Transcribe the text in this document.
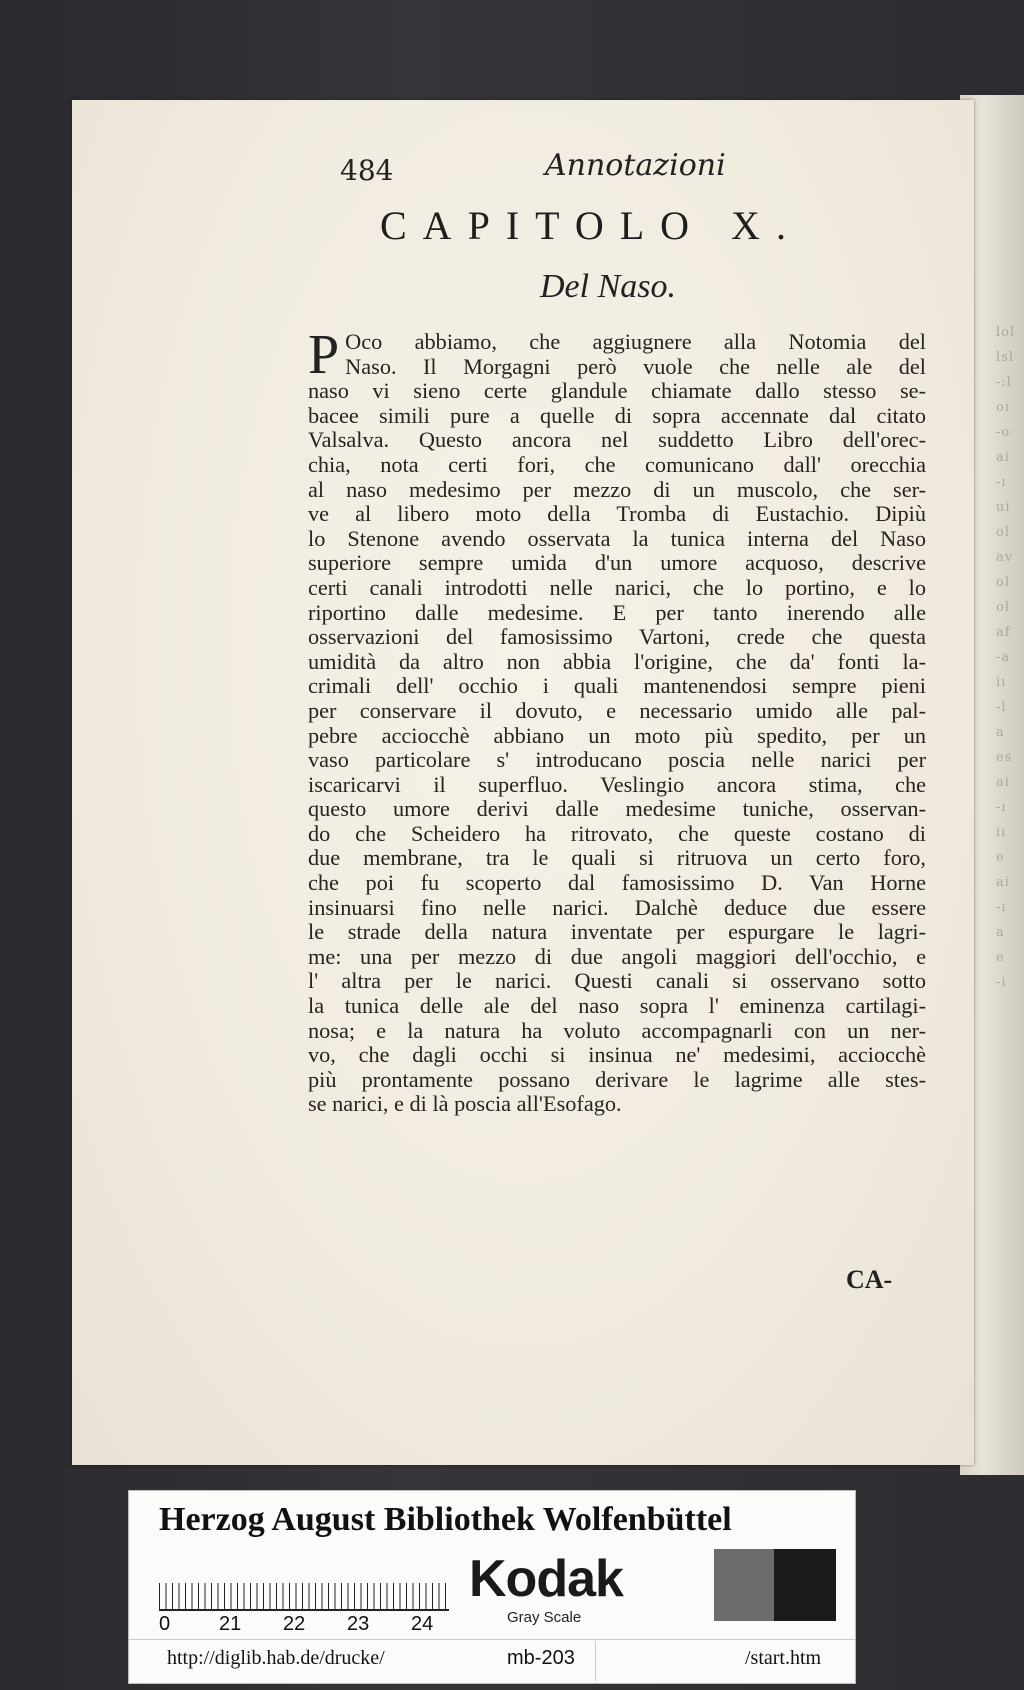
lol
lsl
-:l
oı
-o
ai
-ı
ui
ol
av
ol
ol
af
-a
iı
-l
a
es
ai
-ı
iı
e
ai
-ı
a
e
-i
484	Annotazioni
CAPITOLO X.
Del Naso.
P Oco abbiamo, che aggiugnere alla Notomia del
Naso. Il Morgagni però vuole che nelle ale del
naso vi sieno certe glandule chiamate dallo stesso se-
bacee simili pure a quelle di sopra accennate dal citato
Valsalva. Questo ancora nel suddetto Libro dell'orec-
chia, nota certi fori, che comunicano dall' orecchia
al naso medesimo per mezzo di un muscolo, che ser-
ve al libero moto della Tromba di Eustachio. Dipiù
lo Stenone avendo osservata la tunica interna del Naso
superiore sempre umida d'un umore acquoso, descrive
certi canali introdotti nelle narici, che lo portino, e lo
riportino dalle medesime. E per tanto inerendo alle
osservazioni del famosissimo Vartoni, crede che questa
umidità da altro non abbia l'origine, che da' fonti la-
crimali dell' occhio i quali mantenendosi sempre pieni
per conservare il dovuto, e necessario umido alle pal-
pebre acciocchè abbiano un moto più spedito, per un
vaso particolare s' introducano poscia nelle narici per
iscaricarvi il superfluo. Veslingio ancora stima, che
questo umore derivi dalle medesime tuniche, osservan-
do che Scheidero ha ritrovato, che queste costano di
due membrane, tra le quali si ritruova un certo foro,
che poi fu scoperto dal famosissimo D. Van Horne
insinuarsi fino nelle narici. Dalchè deduce due essere
le strade della natura inventate per espurgare le lagri-
me: una per mezzo di due angoli maggiori dell'occhio, e
l' altra per le narici. Questi canali si osservano sotto
la tunica delle ale del naso sopra l' eminenza cartilagi-
nosa; e la natura ha voluto accompagnarli con un ner-
vo, che dagli occhi si insinua ne' medesimi, acciocchè
più prontamente possano derivare le lagrime alle stes-
se narici, e di là poscia all'Esofago.
CA-
Herzog August Bibliothek Wolfenbüttel
0 21 22 23 24
Kodak
Gray Scale
http://diglib.hab.de/drucke/	mb-203	/start.htm
